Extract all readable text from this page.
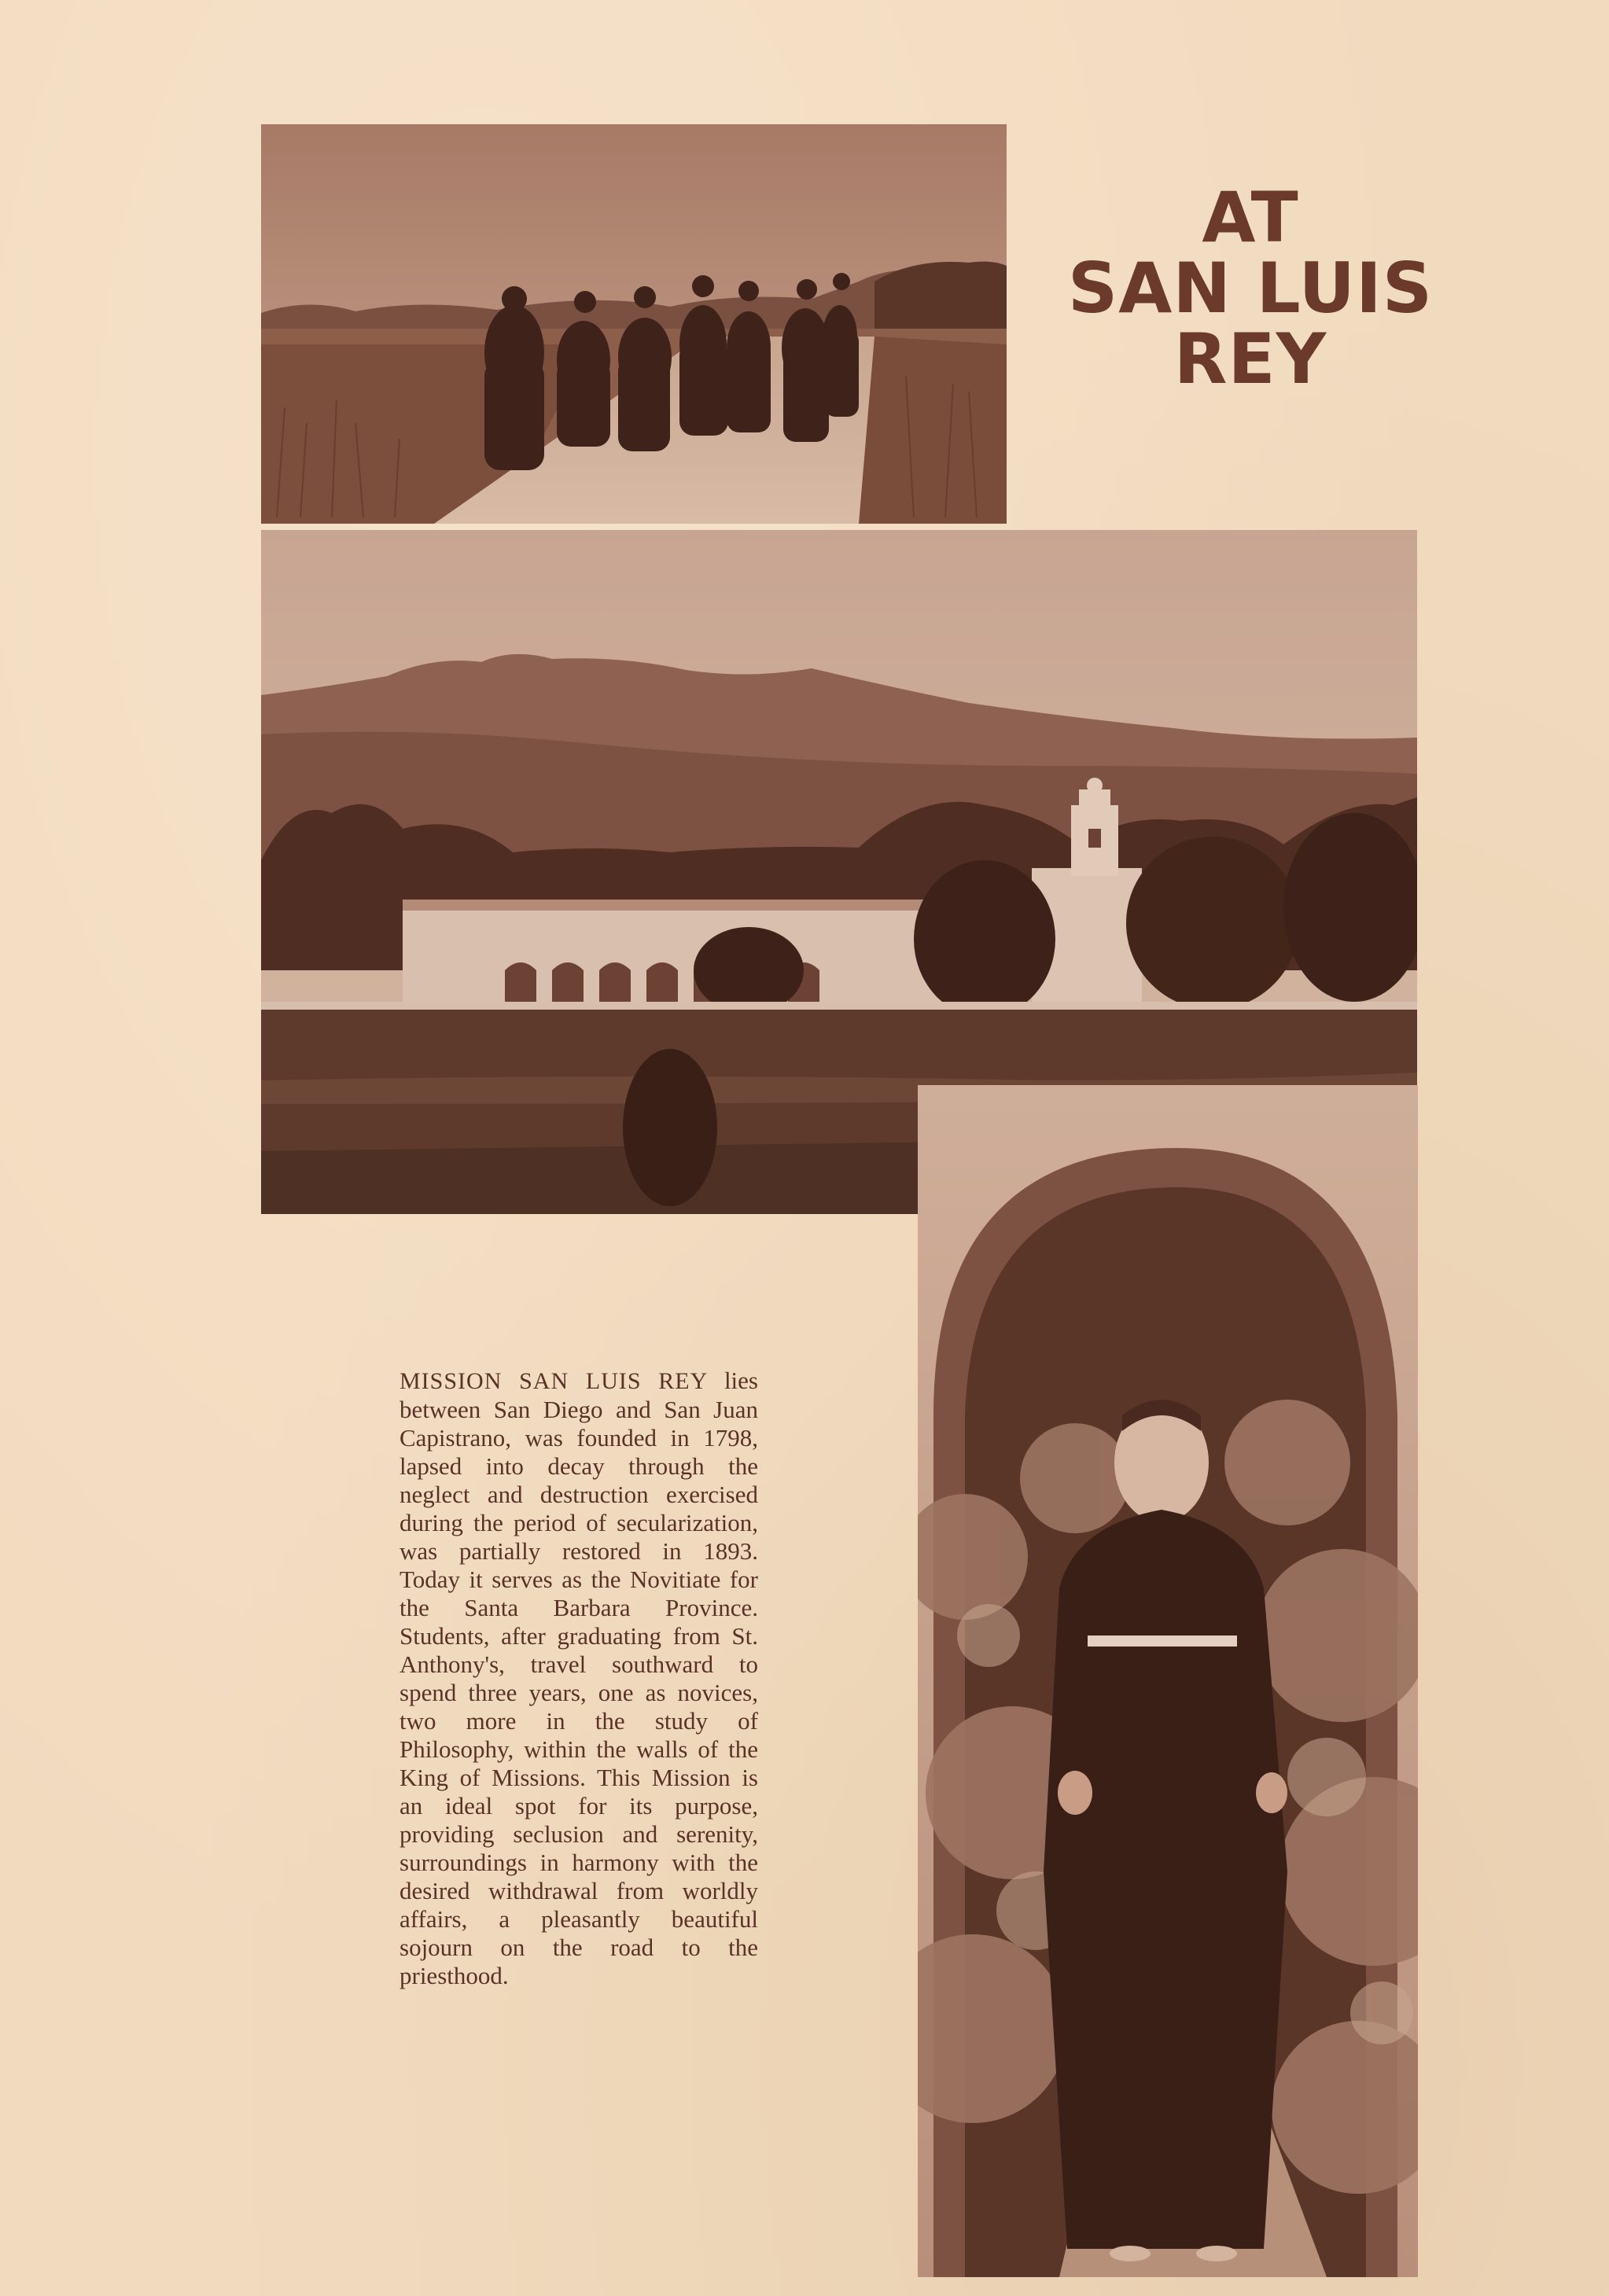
AT
SAN LUIS
REY
MISSION SAN LUIS REY lies between San Diego and San Juan Capistrano, was founded in 1798, lapsed into decay through the neglect and destruction exercised during the period of secularization, was partially restored in 1893. Today it serves as the Novitiate for the Santa Barbara Province. Students, after graduating from St. Anthony's, travel southward to spend three years, one as novices, two more in the study of Philosophy, within the walls of the King of Missions. This Mission is an ideal spot for its purpose, providing seclusion and serenity, surroundings in harmony with the desired withdrawal from worldly affairs, a pleasantly beautiful sojourn on the road to the priesthood.
